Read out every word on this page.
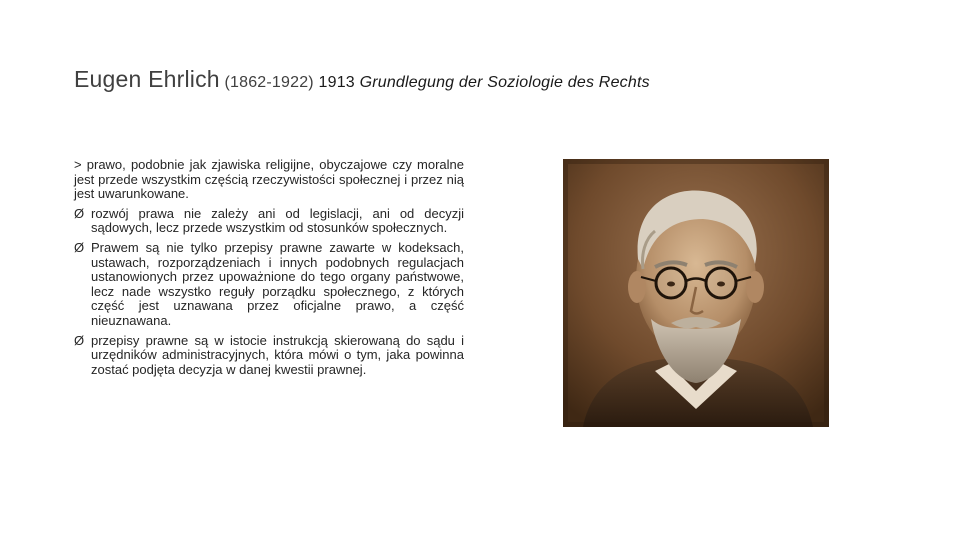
Eugen Ehrlich (1862-1922) 1913 Grundlegung der Soziologie des Rechts

> prawo, podobnie jak zjawiska religijne, obyczajowe czy moralne jest przede wszystkim częścią rzeczywistości społecznej i przez nią jest uwarunkowane.

Ø rozwój prawa nie zależy ani od legislacji, ani od decyzji sądowych, lecz przede wszystkim od stosunków społecznych.
Ø Prawem są nie tylko przepisy prawne zawarte w kodeksach, ustawach, rozporządzeniach i innych podobnych regulacjach ustanowionych przez upoważnione do tego organy państwowe, lecz nade wszystko reguły porządku społecznego, z których część jest uznawana przez oficjalne prawo, a część nieuznawana.
Ø przepisy prawne są w istocie instrukcją skierowaną do sądu i urzędników administracyjnych, która mówi o tym, jaka powinna zostać podjęta decyzja w danej kwestii prawnej.
